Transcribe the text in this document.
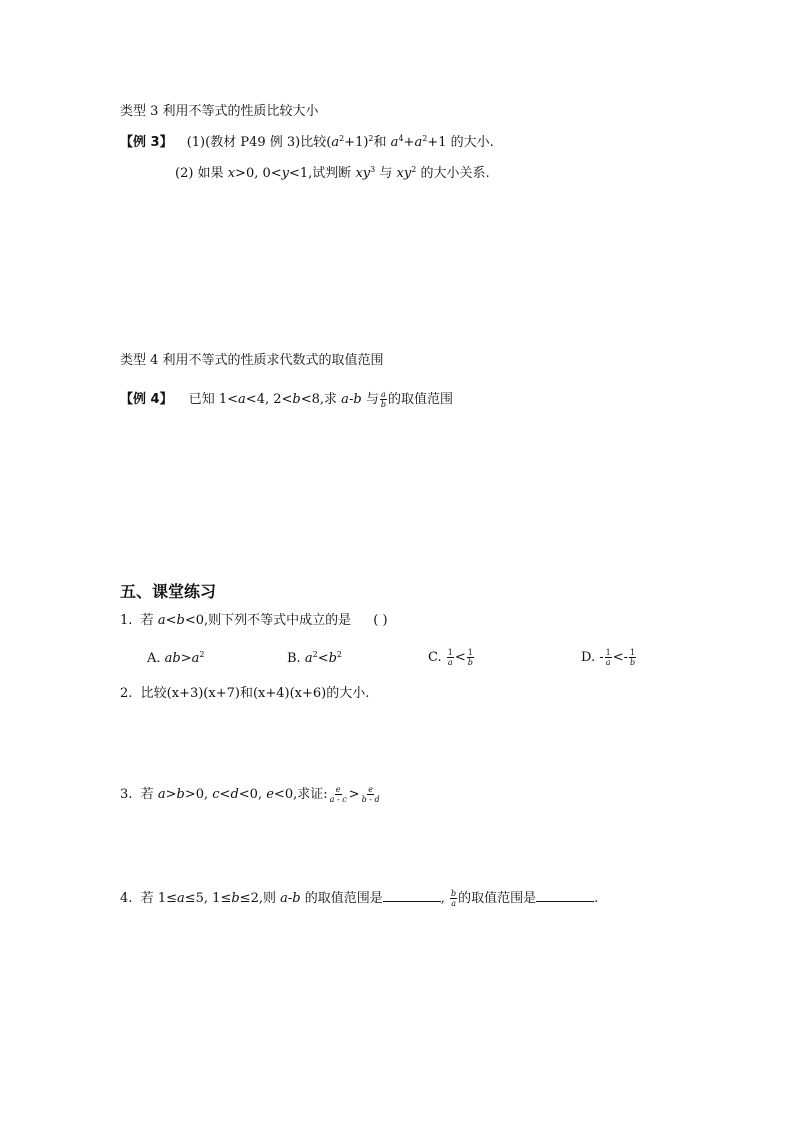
类型 3 利用不等式的性质比较大小
【例 3】 (1)(教材 P49 例 3)比较$(a^2+1)^2$和 $a^4+a^2+1$ 的大小.
(2) 如果 x>0, 0<y<1,试判断 $xy^3$ 与 $xy^2$ 的大小关系.
类型 4 利用不等式的性质求代数式的取值范围
【例 4】 已知 1<a<4, 2<b<8,求 a-b 与 $\frac{a}{b}$ 的取值范围
五、课堂练习
1. 若 a<b<0,则下列不等式中成立的是 ( )
A. $ab>a^2$	B. $a^2<b^2$	C. $\frac{1}{a} < \frac{1}{b}$	D. - $\frac{1}{a} <- \frac{1}{b}$
2. 比较(x+3)(x+7)和(x+4)(x+6)的大小.
3. 若 a>b>0, c<d<0, e<0,求证: $\frac{e}{a - c} > \frac{e}{b - d}$
4. 若 1≤a≤5, 1≤b≤2,则 a-b 的取值范围是	, $\frac{b}{a}$ 的取值范围是	.
